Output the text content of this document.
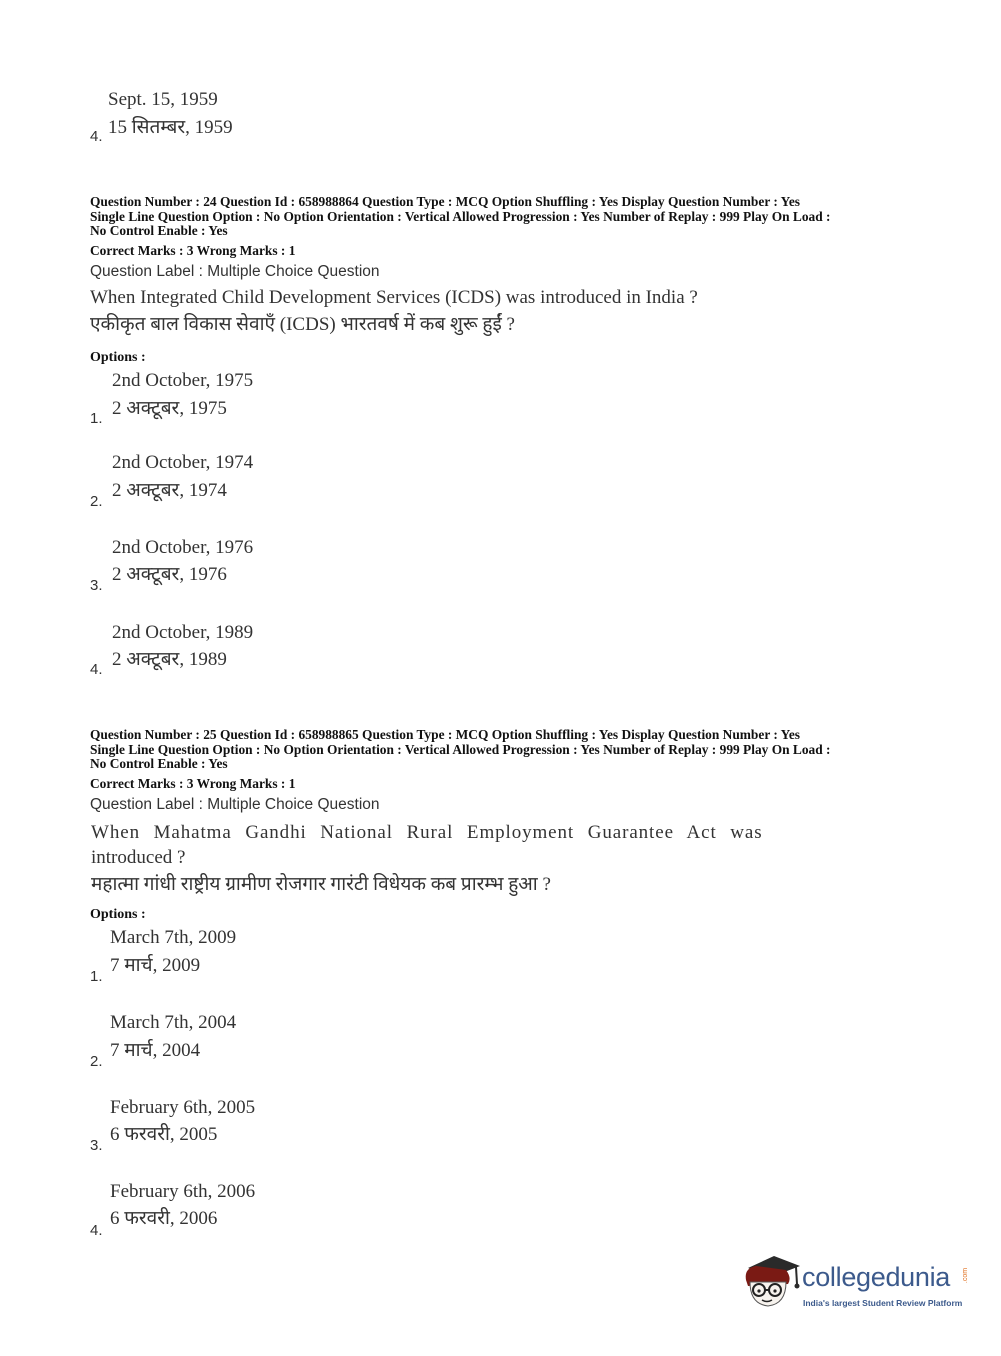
Sept. 15, 1959
15 सितम्बर, 1959
4.
Question Number : 24 Question Id : 658988864 Question Type : MCQ Option Shuffling : Yes Display Question Number : Yes
Single Line Question Option : No Option Orientation : Vertical Allowed Progression : Yes Number of Replay : 999 Play On Load :
No Control Enable : Yes
Correct Marks : 3 Wrong Marks : 1
Question Label : Multiple Choice Question
When Integrated Child Development Services (ICDS) was introduced in India ?
एकीकृत बाल विकास सेवाएँ (ICDS) भारतवर्ष में कब शुरू हुईं ?
Options :
2nd October, 1975
2 अक्टूबर, 1975
1.
2nd October, 1974
2 अक्टूबर, 1974
2.
2nd October, 1976
2 अक्टूबर, 1976
3.
2nd October, 1989
2 अक्टूबर, 1989
4.
Question Number : 25 Question Id : 658988865 Question Type : MCQ Option Shuffling : Yes Display Question Number : Yes
Single Line Question Option : No Option Orientation : Vertical Allowed Progression : Yes Number of Replay : 999 Play On Load :
No Control Enable : Yes
Correct Marks : 3 Wrong Marks : 1
Question Label : Multiple Choice Question
When Mahatma Gandhi National Rural Employment Guarantee Act was
introduced ?
महात्मा गांधी राष्ट्रीय ग्रामीण रोजगार गारंटी विधेयक कब प्रारम्भ हुआ ?
Options :
March 7th, 2009
7 मार्च, 2009
1.
March 7th, 2004
7 मार्च, 2004
2.
February 6th, 2005
6 फरवरी, 2005
3.
February 6th, 2006
6 फरवरी, 2006
4.
collegedunia .com
India's largest Student Review Platform
